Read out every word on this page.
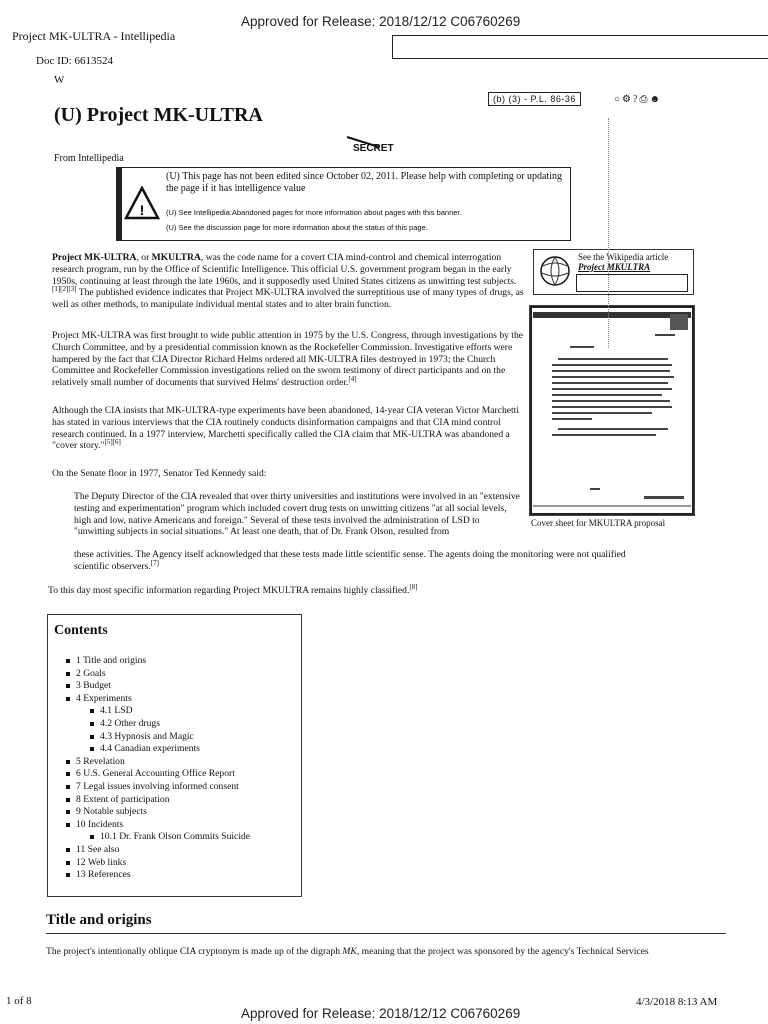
Approved for Release: 2018/12/12 C06760269
Project MK-ULTRA - Intellipedia
Doc ID: 6613524
W
(b) (3) - P.L. 86-36	○⚙?⎙☻
(U) Project MK-ULTRA
SECRET
From Intellipedia
!
(U) This page has not been edited since October 02, 2011. Please help with completing or updating the page if it has intelligence value
(U) See Intellipedia:Abandoned pages for more information about pages with this banner.
(U) See the discussion page for more information about the status of this page.
See the Wikipedia article
Project MKULTRA

Project MK-ULTRA, or MKULTRA, was the code name for a covert CIA mind-control and chemical interrogation research program, run by the Office of Scientific Intelligence. This official U.S. government program began in the early 1950s, continuing at least through the late 1960s, and it supposedly used United States citizens as unwitting test subjects.[1][2][3] The published evidence indicates that Project MK-ULTRA involved the surreptitious use of many types of drugs, as well as other methods, to manipulate individual mental states and to alter brain function.

Project MK-ULTRA was first brought to wide public attention in 1975 by the U.S. Congress, through investigations by the Church Committee, and by a presidential commission known as the Rockefeller Commission. Investigative efforts were hampered by the fact that CIA Director Richard Helms ordered all MK-ULTRA files destroyed in 1973; the Church Committee and Rockefeller Commission investigations relied on the sworn testimony of direct participants and on the relatively small number of documents that survived Helms' destruction order.[4]

Although the CIA insists that MK-ULTRA-type experiments have been abandoned, 14-year CIA veteran Victor Marchetti has stated in various interviews that the CIA routinely conducts disinformation campaigns and that CIA mind control research continued. In a 1977 interview, Marchetti specifically called the CIA claim that MK-ULTRA was abandoned a "cover story."[5][6]

On the Senate floor in 1977, Senator Ted Kennedy said:

The Deputy Director of the CIA revealed that over thirty universities and institutions were involved in an "extensive testing and experimentation" program which included covert drug tests on unwitting citizens "at all social levels, high and low, native Americans and foreign." Several of these tests involved the administration of LSD to "unwitting subjects in social situations." At least one death, that of Dr. Frank Olson, resulted from
these activities. The Agency itself acknowledged that these tests made little scientific sense. The agents doing the monitoring were not qualified scientific observers.[7]

To this day most specific information regarding Project MKULTRA remains highly classified.[8]

Cover sheet for MKULTRA proposal
Contents
1 Title and origins
2 Goals
3 Budget
4 Experiments
4.1 LSD
4.2 Other drugs
4.3 Hypnosis and Magic
4.4 Canadian experiments
5 Revelation
6 U.S. General Accounting Office Report
7 Legal issues involving informed consent
8 Extent of participation
9 Notable subjects
10 Incidents
10.1 Dr. Frank Olson Commits Suicide
11 See also
12 Web links
13 References
Title and origins

The project's intentionally oblique CIA cryptonym is made up of the digraph MK, meaning that the project was sponsored by the agency's Technical Services

1 of 8	4/3/2018 8:13 AM
Approved for Release: 2018/12/12 C06760269
